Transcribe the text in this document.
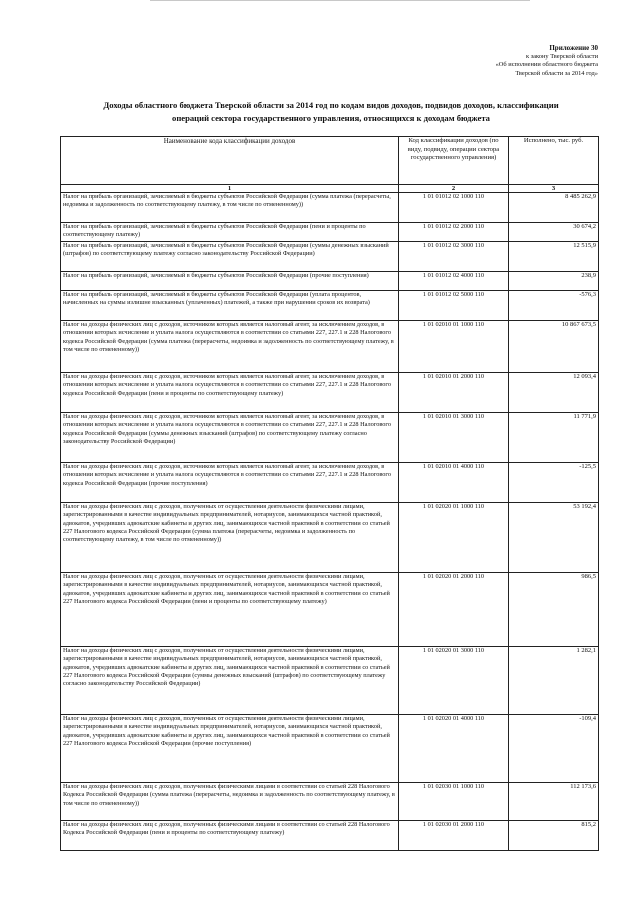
Приложение 30
к закону Тверской области
«Об исполнении областного бюджета
Тверской области за 2014 год»
Доходы областного бюджета Тверской области за 2014 год по кодам видов доходов, подвидов доходов, классификации
операций сектора государственного управления, относящихся к доходам бюджета
Наименование кода классификации доходов	Код классификации доходов (по виду, подвиду, операции сектора государственного управления)	Исполнено, тыс. руб.
1	2	3
Налог на прибыль организаций, зачисляемый в бюджеты субъектов Российской Федерации (сумма платежа (перерасчеты, недоимка и задолженность по соответствующему платежу, в том числе по отмененному))	1 01 01012 02 1000 110	8 485 262,9
Налог на прибыль организаций, зачисляемый в бюджеты субъектов Российской Федерации (пени и проценты по соответствующему платежу)	1 01 01012 02 2000 110	30 674,2
Налог на прибыль организаций, зачисляемый в бюджеты субъектов Российской Федерации (суммы денежных взысканий (штрафов) по соответствующему платежу согласно законодательству Российской Федерации)	1 01 01012 02 3000 110	12 515,9
Налог на прибыль организаций, зачисляемый в бюджеты субъектов Российской Федерации (прочие поступления)	1 01 01012 02 4000 110	238,9
Налог на прибыль организаций, зачисляемый в бюджеты субъектов Российской Федерации (уплата процентов, начисленных на суммы излишне взысканных (уплаченных) платежей, а также при нарушении сроков их возврата)	1 01 01012 02 5000 110	-576,3
Налог на доходы физических лиц с доходов, источником которых является налоговый агент, за исключением доходов, в отношении которых исчисление и уплата налога осуществляются в соответствии со статьями 227, 227.1 и 228 Налогового кодекса Российской Федерации (сумма платежа (перерасчеты, недоимка и задолженность по соответствующему платежу, в том числе по отмененному))	1 01 02010 01 1000 110	10 867 673,5
Налог на доходы физических лиц с доходов, источником которых является налоговый агент, за исключением доходов, в отношении которых исчисление и уплата налога осуществляются в соответствии со статьями 227, 227.1 и 228 Налогового кодекса Российской Федерации (пени и проценты по соответствующему платежу)	1 01 02010 01 2000 110	12 093,4
Налог на доходы физических лиц с доходов, источником которых является налоговый агент, за исключением доходов, в отношении которых исчисление и уплата налога осуществляются в соответствии со статьями 227, 227.1 и 228 Налогового кодекса Российской Федерации (суммы денежных взысканий (штрафов) по соответствующему платежу согласно законодательству Российской Федерации)	1 01 02010 01 3000 110	11 771,9
Налог на доходы физических лиц с доходов, источником которых является налоговый агент, за исключением доходов, в отношении которых исчисление и уплата налога осуществляются в соответствии со статьями 227, 227.1 и 228 Налогового кодекса Российской Федерации (прочие поступления)	1 01 02010 01 4000 110	-125,5
Налог на доходы физических лиц с доходов, полученных от осуществления деятельности физическими лицами, зарегистрированными в качестве индивидуальных предпринимателей, нотариусов, занимающихся частной практикой, адвокатов, учредивших адвокатские кабинеты и других лиц, занимающихся частной практикой в соответствии со статьей 227 Налогового кодекса Российской Федерации (сумма платежа (перерасчеты, недоимка и задолженность по соответствующему платежу, в том числе по отмененному))	1 01 02020 01 1000 110	53 192,4
Налог на доходы физических лиц с доходов, полученных от осуществления деятельности физическими лицами, зарегистрированными в качестве индивидуальных предпринимателей, нотариусов, занимающихся частной практикой, адвокатов, учредивших адвокатские кабинеты и других лиц, занимающихся частной практикой в соответствии со статьей 227 Налогового кодекса Российской Федерации (пени и проценты по соответствующему платежу)	1 01 02020 01 2000 110	986,5
Налог на доходы физических лиц с доходов, полученных от осуществления деятельности физическими лицами, зарегистрированными в качестве индивидуальных предпринимателей, нотариусов, занимающихся частной практикой, адвокатов, учредивших адвокатские кабинеты и других лиц, занимающихся частной практикой в соответствии со статьей 227 Налогового кодекса Российской Федерации (суммы денежных взысканий (штрафов) по соответствующему платежу согласно законодательству Российской Федерации)	1 01 02020 01 3000 110	1 282,1
Налог на доходы физических лиц с доходов, полученных от осуществления деятельности физическими лицами, зарегистрированными в качестве индивидуальных предпринимателей, нотариусов, занимающихся частной практикой, адвокатов, учредивших адвокатские кабинеты и других лиц, занимающихся частной практикой в соответствии со статьей 227 Налогового кодекса Российской Федерации (прочие поступления)	1 01 02020 01 4000 110	-109,4
Налог на доходы физических лиц с доходов, полученных физическими лицами в соответствии со статьей 228 Налогового Кодекса Российской Федерации (сумма платежа (перерасчеты, недоимка и задолженность по соответствующему платежу, в том числе по отмененному))	1 01 02030 01 1000 110	112 173,6
Налог на доходы физических лиц с доходов, полученных физическими лицами в соответствии со статьей 228 Налогового Кодекса Российской Федерации (пени и проценты по соответствующему платежу)	1 01 02030 01 2000 110	815,2
